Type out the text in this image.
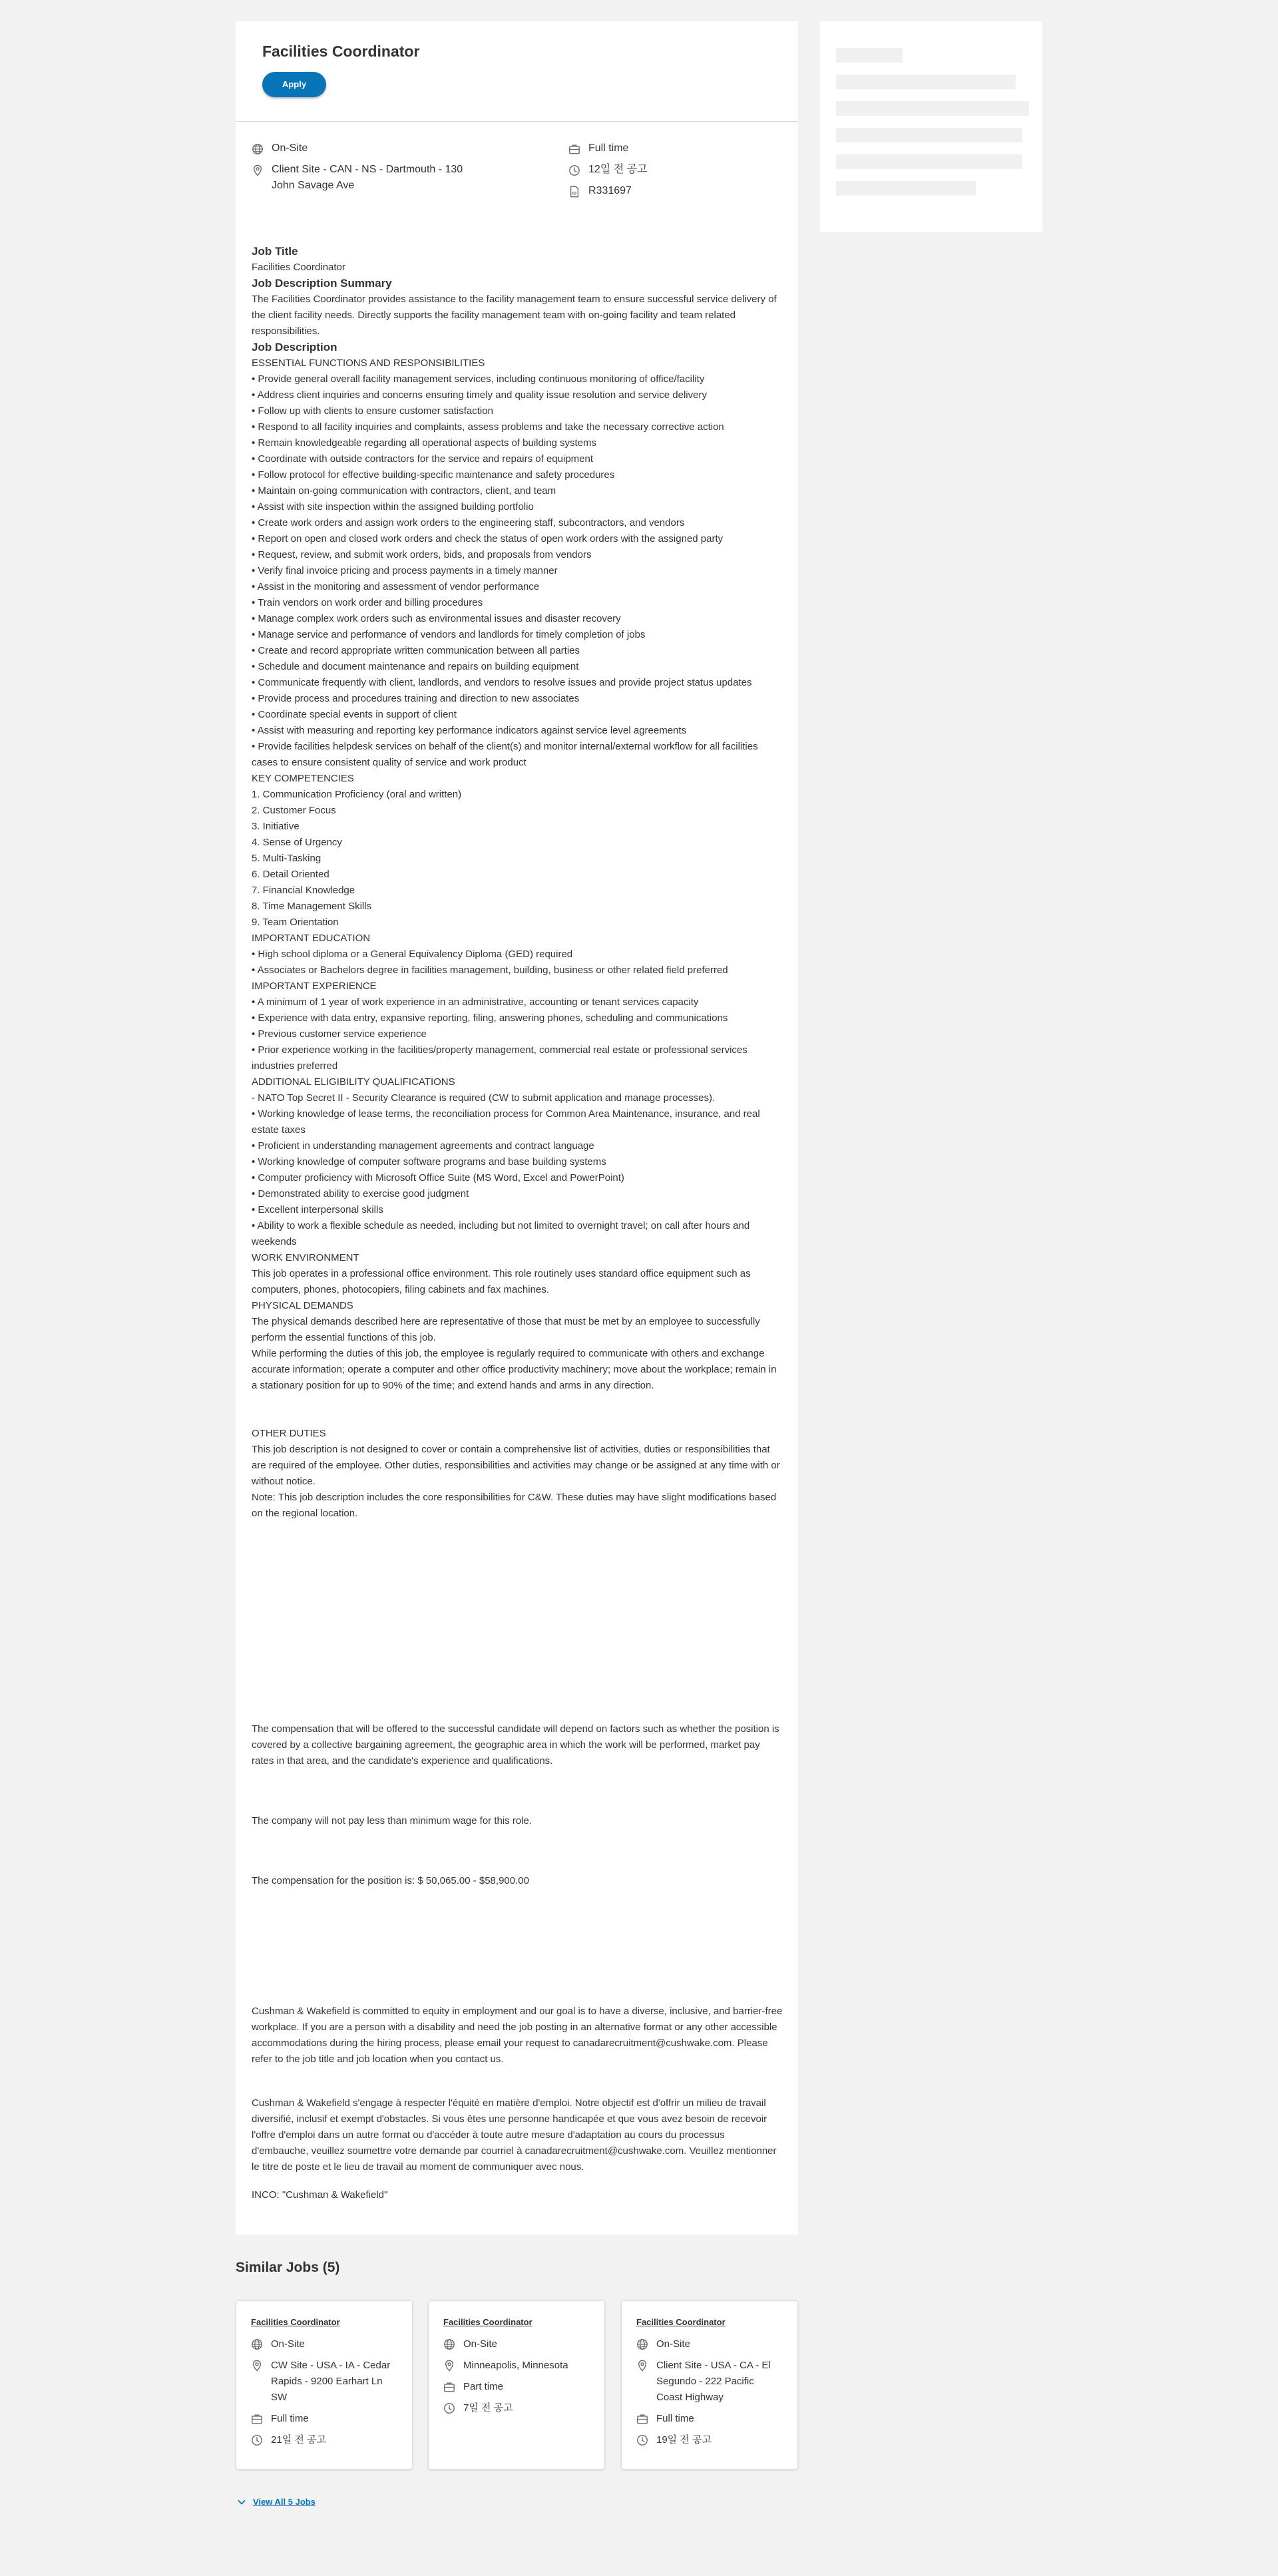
Facilities Coordinator
Apply
On-Site
Client Site - CAN - NS - Dartmouth - 130 John Savage Ave
Full time
12일 전 공고
R331697
Job Title
Facilities Coordinator
Job Description Summary
The Facilities Coordinator provides assistance to the facility management team to ensure successful service delivery of the client facility needs. Directly supports the facility management team with on-going facility and team related responsibilities.
Job Description
ESSENTIAL FUNCTIONS AND RESPONSIBILITIES
• Provide general overall facility management services, including continuous monitoring of office/facility
• Address client inquiries and concerns ensuring timely and quality issue resolution and service delivery
• Follow up with clients to ensure customer satisfaction
• Respond to all facility inquiries and complaints, assess problems and take the necessary corrective action
• Remain knowledgeable regarding all operational aspects of building systems
• Coordinate with outside contractors for the service and repairs of equipment
• Follow protocol for effective building-specific maintenance and safety procedures
• Maintain on-going communication with contractors, client, and team
• Assist with site inspection within the assigned building portfolio
• Create work orders and assign work orders to the engineering staff, subcontractors, and vendors
• Report on open and closed work orders and check the status of open work orders with the assigned party
• Request, review, and submit work orders, bids, and proposals from vendors
• Verify final invoice pricing and process payments in a timely manner
• Assist in the monitoring and assessment of vendor performance
• Train vendors on work order and billing procedures
• Manage complex work orders such as environmental issues and disaster recovery
• Manage service and performance of vendors and landlords for timely completion of jobs
• Create and record appropriate written communication between all parties
• Schedule and document maintenance and repairs on building equipment
• Communicate frequently with client, landlords, and vendors to resolve issues and provide project status updates
• Provide process and procedures training and direction to new associates
• Coordinate special events in support of client
• Assist with measuring and reporting key performance indicators against service level agreements
• Provide facilities helpdesk services on behalf of the client(s) and monitor internal/external workflow for all facilities cases to ensure consistent quality of service and work product
KEY COMPETENCIES
1. Communication Proficiency (oral and written)
2. Customer Focus
3. Initiative
4. Sense of Urgency
5. Multi-Tasking
6. Detail Oriented
7. Financial Knowledge
8. Time Management Skills
9. Team Orientation
IMPORTANT EDUCATION
• High school diploma or a General Equivalency Diploma (GED) required
• Associates or Bachelors degree in facilities management, building, business or other related field preferred
IMPORTANT EXPERIENCE
• A minimum of 1 year of work experience in an administrative, accounting or tenant services capacity
• Experience with data entry, expansive reporting, filing, answering phones, scheduling and communications
• Previous customer service experience
• Prior experience working in the facilities/property management, commercial real estate or professional services industries preferred
ADDITIONAL ELIGIBILITY QUALIFICATIONS
- NATO Top Secret II - Security Clearance is required (CW to submit application and manage processes).
• Working knowledge of lease terms, the reconciliation process for Common Area Maintenance, insurance, and real estate taxes
• Proficient in understanding management agreements and contract language
• Working knowledge of computer software programs and base building systems
• Computer proficiency with Microsoft Office Suite (MS Word, Excel and PowerPoint)
• Demonstrated ability to exercise good judgment
• Excellent interpersonal skills
• Ability to work a flexible schedule as needed, including but not limited to overnight travel; on call after hours and weekends
WORK ENVIRONMENT
This job operates in a professional office environment. This role routinely uses standard office equipment such as computers, phones, photocopiers, filing cabinets and fax machines.
PHYSICAL DEMANDS
The physical demands described here are representative of those that must be met by an employee to successfully perform the essential functions of this job.
While performing the duties of this job, the employee is regularly required to communicate with others and exchange accurate information; operate a computer and other office productivity machinery; move about the workplace; remain in a stationary position for up to 90% of the time; and extend hands and arms in any direction.
OTHER DUTIES
This job description is not designed to cover or contain a comprehensive list of activities, duties or responsibilities that are required of the employee. Other duties, responsibilities and activities may change or be assigned at any time with or without notice.
Note: This job description includes the core responsibilities for C&W. These duties may have slight modifications based on the regional location.
The compensation that will be offered to the successful candidate will depend on factors such as whether the position is covered by a collective bargaining agreement, the geographic area in which the work will be performed, market pay rates in that area, and the candidate's experience and qualifications.
The company will not pay less than minimum wage for this role.
The compensation for the position is: $ 50,065.00 - $58,900.00
Cushman & Wakefield is committed to equity in employment and our goal is to have a diverse, inclusive, and barrier-free workplace. If you are a person with a disability and need the job posting in an alternative format or any other accessible accommodations during the hiring process, please email your request to canadarecruitment@cushwake.com. Please refer to the job title and job location when you contact us.
Cushman & Wakefield s'engage à respecter l'équité en matière d'emploi. Notre objectif est d'offrir un milieu de travail diversifié, inclusif et exempt d'obstacles. Si vous êtes une personne handicapée et que vous avez besoin de recevoir l'offre d'emploi dans un autre format ou d'accéder à toute autre mesure d'adaptation au cours du processus d'embauche, veuillez soumettre votre demande par courriel à canadarecruitment@cushwake.com. Veuillez mentionner le titre de poste et le lieu de travail au moment de communiquer avec nous.
INCO: "Cushman & Wakefield"
Similar Jobs (5)
Facilities Coordinator
On-Site
CW Site - USA - IA - Cedar Rapids - 9200 Earhart Ln SW
Full time
21일 전 공고
Facilities Coordinator
On-Site
Minneapolis, Minnesota
Part time
7일 전 공고
Facilities Coordinator
On-Site
Client Site - USA - CA - El Segundo - 222 Pacific Coast Highway
Full time
19일 전 공고
View All 5 Jobs
